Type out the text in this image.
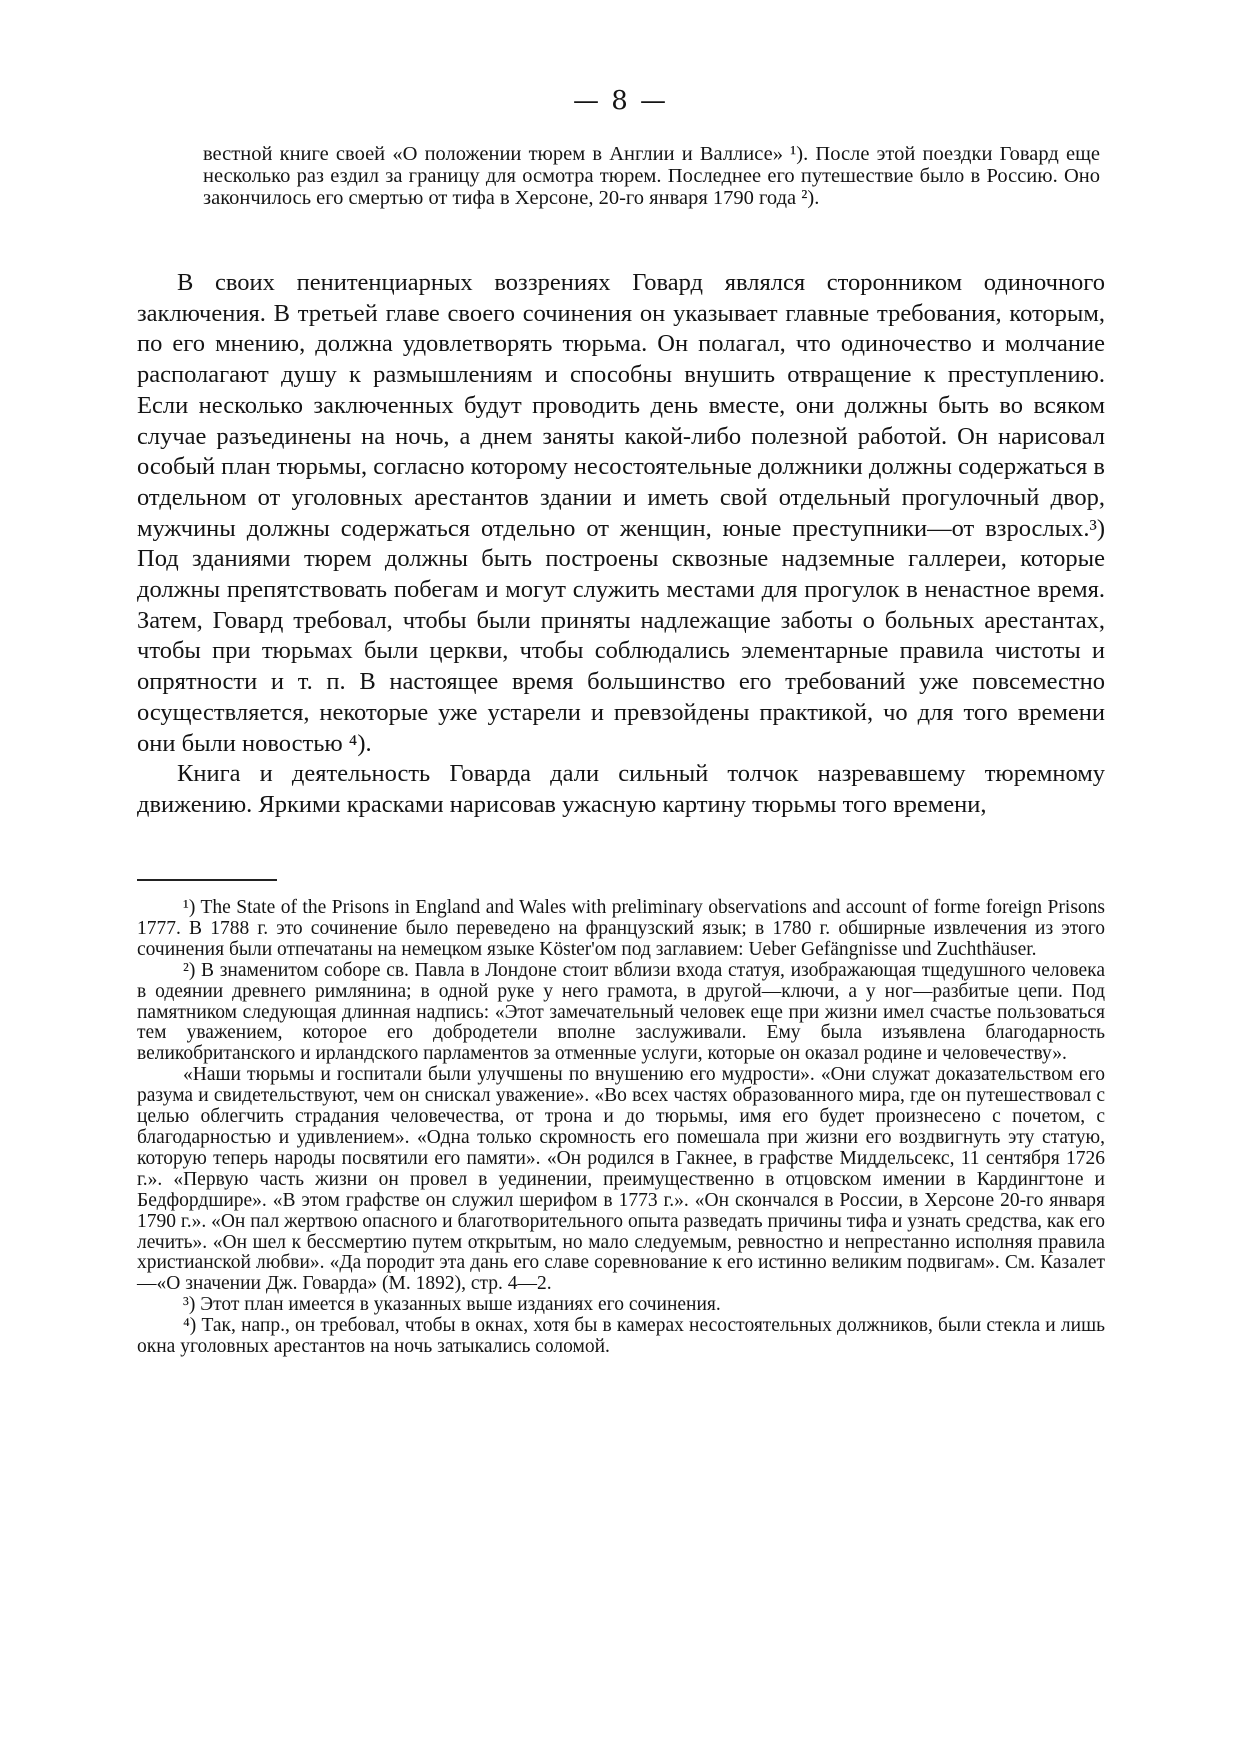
— 8 —
вестной книге своей «О положении тюрем в Англии и Валлисе» ¹). После этой поездки Говард еще несколько раз ездил за границу для осмотра тюрем. Последнее его путешествие было в Россию. Оно закончилось его смертью от тифа в Херсоне, 20-го января 1790 года ²).

В своих пенитенциарных воззрениях Говард являлся сторонником одиночного заключения. В третьей главе своего сочинения он указывает главные требования, которым, по его мнению, должна удовлетворять тюрьма. Он полагал, что одиночество и молчание располагают душу к размышлениям и способны внушить отвращение к преступлению. Если несколько заключенных будут проводить день вместе, они должны быть во всяком случае разъединены на ночь, а днем заняты какой-либо полезной работой. Он нарисовал особый план тюрьмы, согласно которому несостоятельные должники должны содержаться в отдельном от уголовных арестантов здании и иметь свой отдельный прогулочный двор, мужчины должны содержаться отдельно от женщин, юные преступники—от взрослых.³) Под зданиями тюрем должны быть построены сквозные надземные галлереи, которые должны препятствовать побегам и могут служить местами для прогулок в ненастное время. Затем, Говард требовал, чтобы были приняты надлежащие заботы о больных арестантах, чтобы при тюрьмах были церкви, чтобы соблюдались элементарные правила чистоты и опрятности и т. п. В настоящее время большинство его требований уже повсеместно осуществляется, некоторые уже устарели и превзойдены практикой, чо для того времени они были новостью ⁴).

Книга и деятельность Говарда дали сильный толчок назревавшему тюремному движению. Яркими красками нарисовав ужасную картину тюрьмы того времени,

¹) The State of the Prisons in England and Wales with preliminary observations and account of forme foreign Prisons 1777. В 1788 г. это сочинение было переведено на французский язык; в 1780 г. обширные извлечения из этого сочинения были отпечатаны на немецком языке Köster'ом под заглавием: Ueber Gefängnisse und Zuchthäuser.

²) В знаменитом соборе св. Павла в Лондоне стоит вблизи входа статуя, изображающая тщедушного человека в одеянии древнего римлянина; в одной руке у него грамота, в другой—ключи, а у ног—разбитые цепи. Под памятником следующая длинная надпись: «Этот замечательный человек еще при жизни имел счастье пользоваться тем уважением, которое его добродетели вполне заслуживали. Ему была изъявлена благодарность великобританского и ирландского парламентов за отменные услуги, которые он оказал родине и человечеству».

«Наши тюрьмы и госпитали были улучшены по внушению его мудрости». «Они служат доказательством его разума и свидетельствуют, чем он снискал уважение». «Во всех частях образованного мира, где он путешествовал с целью облегчить страдания человечества, от трона и до тюрьмы, имя его будет произнесено с почетом, с благодарностью и удивлением». «Одна только скромность его помешала при жизни его воздвигнуть эту статую, которую теперь народы посвятили его памяти». «Он родился в Гакнее, в графстве Миддельсекс, 11 сентября 1726 г.». «Первую часть жизни он провел в уединении, преимущественно в отцовском имении в Кардингтоне и Бедфордшире». «В этом графстве он служил шерифом в 1773 г.». «Он скончался в России, в Херсоне 20-го января 1790 г.». «Он пал жертвою опасного и благотворительного опыта разведать причины тифа и узнать средства, как его лечить». «Он шел к бессмертию путем открытым, но мало следуемым, ревностно и непрестанно исполняя правила христианской любви». «Да породит эта дань его славе соревнование к его истинно великим подвигам». См. Казалет—«О значении Дж. Говарда» (М. 1892), стр. 4—2.

³) Этот план имеется в указанных выше изданиях его сочинения.

⁴) Так, напр., он требовал, чтобы в окнах, хотя бы в камерах несостоятельных должников, были стекла и лишь окна уголовных арестантов на ночь затыкались соломой.
